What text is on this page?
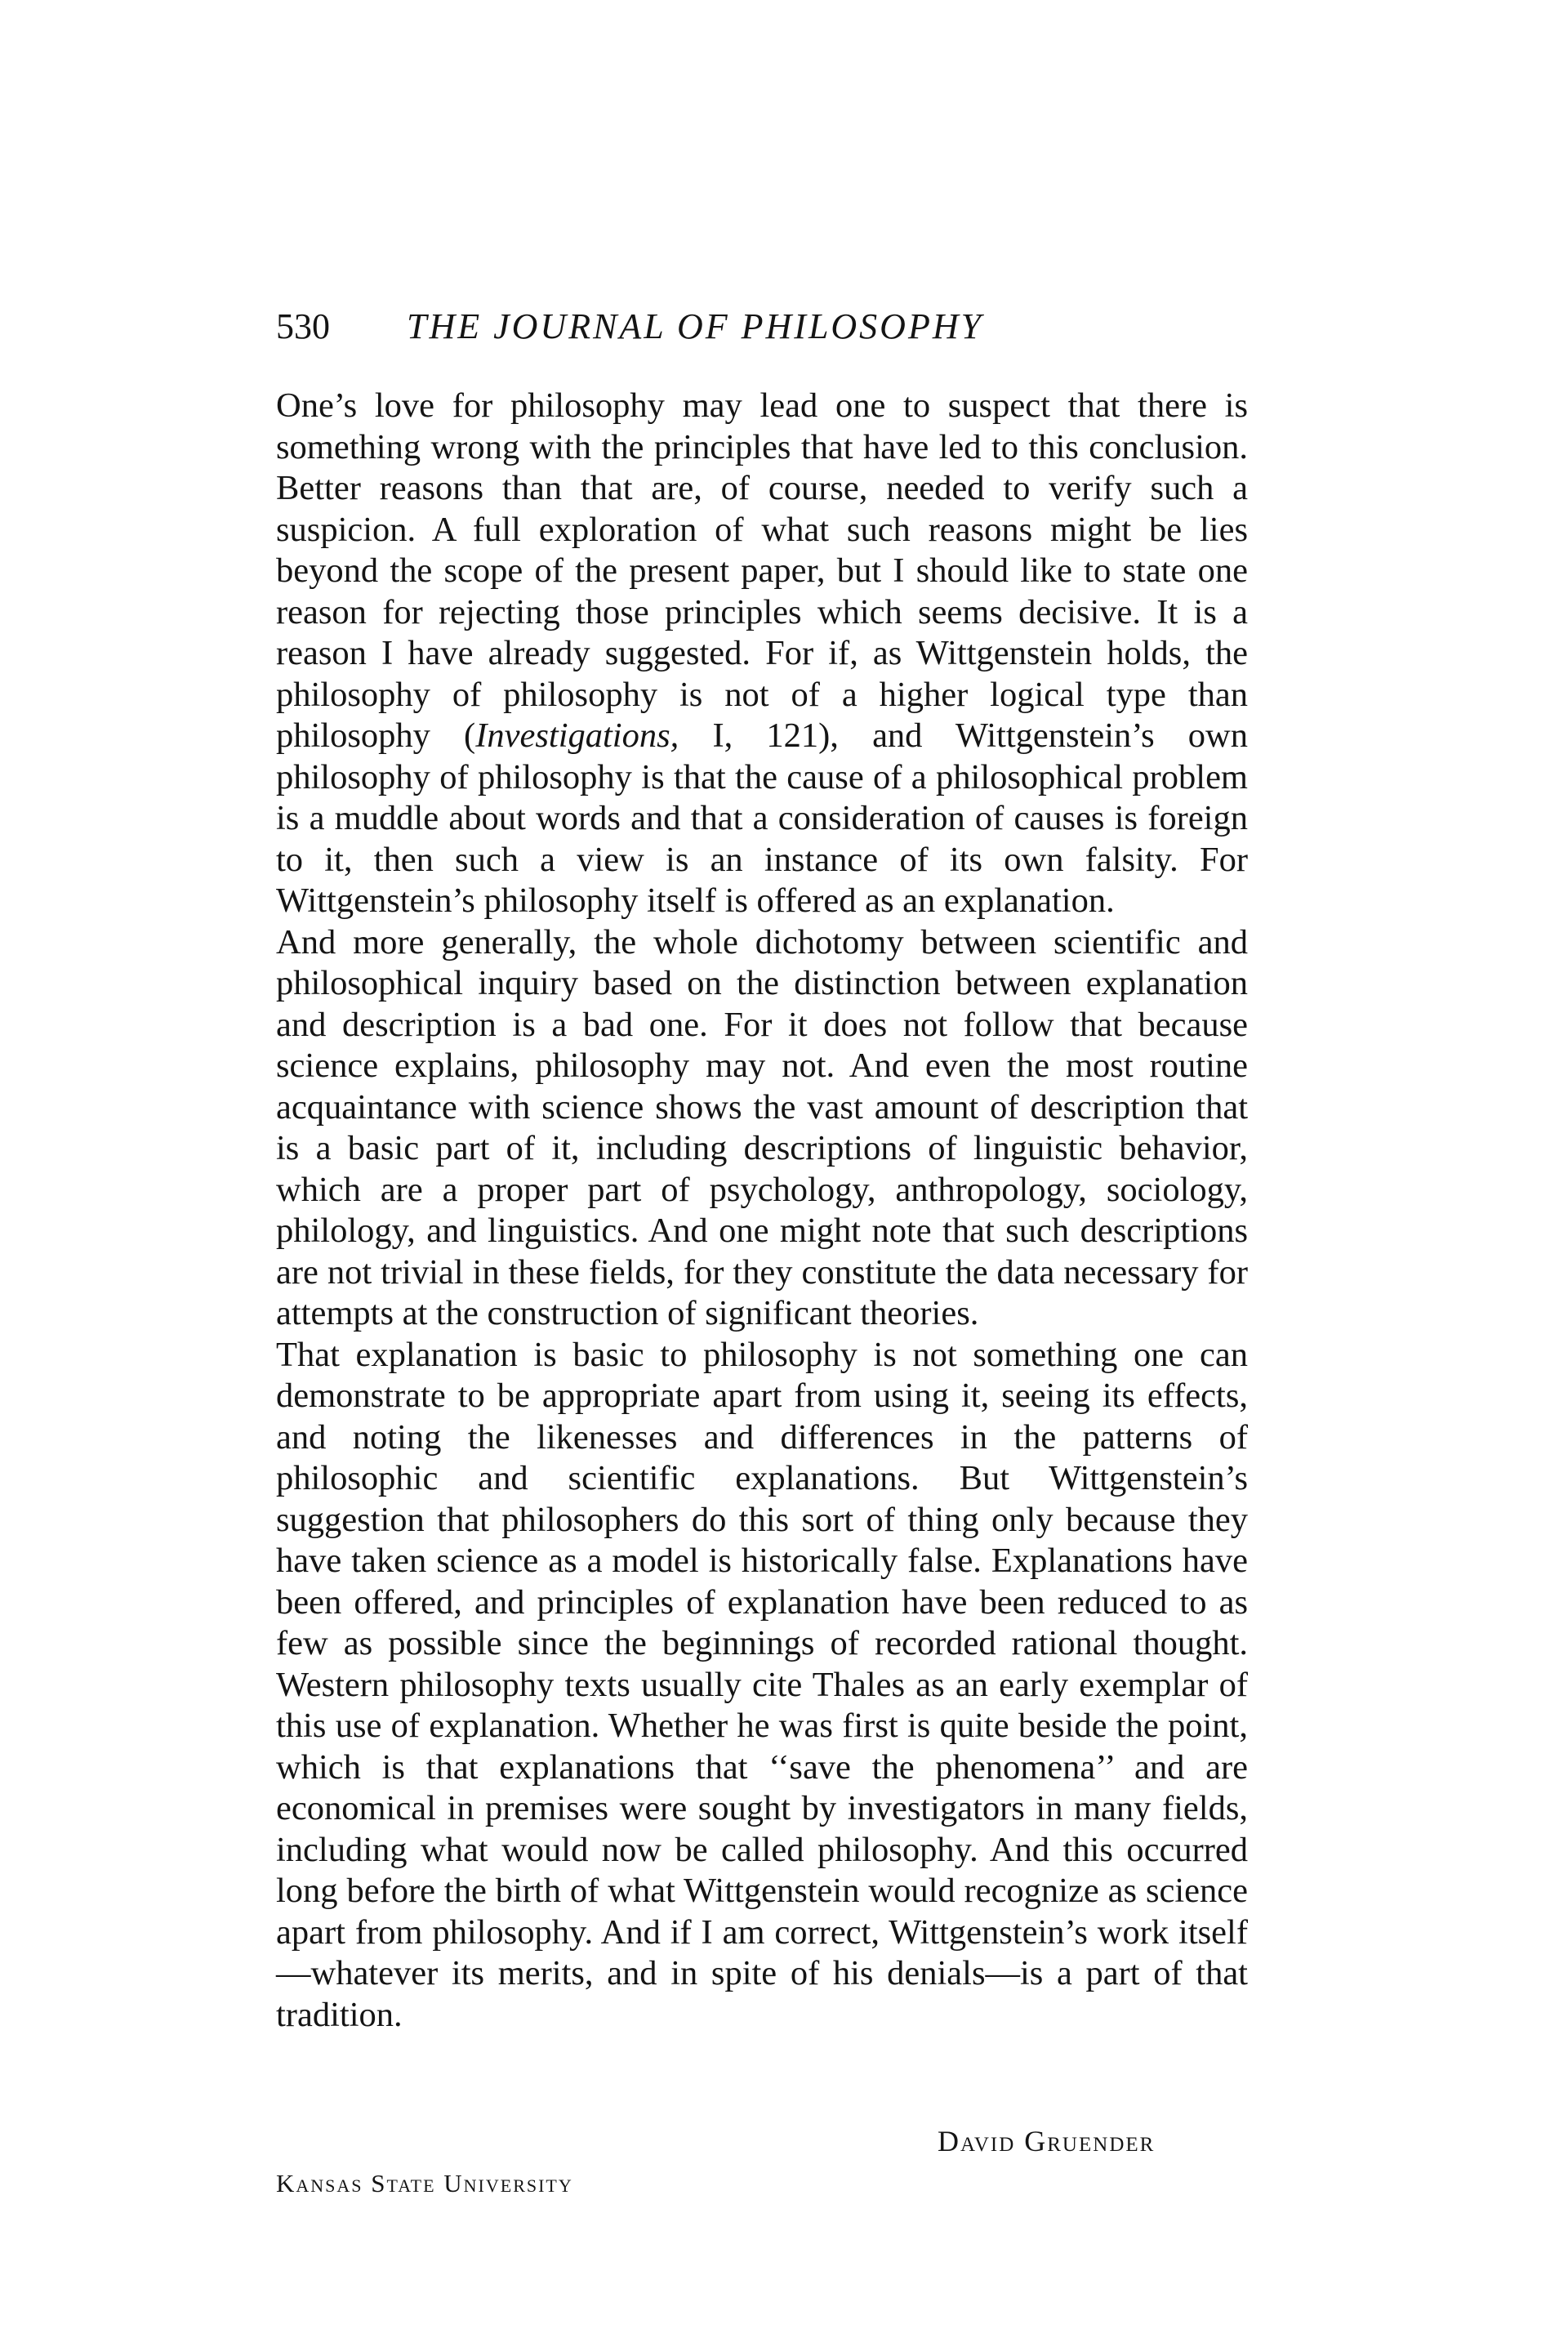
530 THE JOURNAL OF PHILOSOPHY

One’s love for philosophy may lead one to suspect that there is something wrong with the principles that have led to this conclusion. Better reasons than that are, of course, needed to verify such a suspicion. A full exploration of what such reasons might be lies beyond the scope of the present paper, but I should like to state one reason for rejecting those principles which seems decisive. It is a reason I have already suggested. For if, as Wittgenstein holds, the philosophy of philosophy is not of a higher logical type than philosophy (Investigations, I, 121), and Wittgenstein’s own philosophy of philosophy is that the cause of a philosophical problem is a muddle about words and that a consideration of causes is foreign to it, then such a view is an instance of its own falsity. For Wittgenstein’s philosophy itself is offered as an explanation.

And more generally, the whole dichotomy between scientific and philosophical inquiry based on the distinction between explanation and description is a bad one. For it does not follow that because science explains, philosophy may not. And even the most routine acquaintance with science shows the vast amount of description that is a basic part of it, including descriptions of linguistic behavior, which are a proper part of psychology, anthropology, sociology, philology, and linguistics. And one might note that such descriptions are not trivial in these fields, for they constitute the data necessary for attempts at the construction of significant theories.

That explanation is basic to philosophy is not something one can demonstrate to be appropriate apart from using it, seeing its effects, and noting the likenesses and differences in the patterns of philosophic and scientific explanations. But Wittgenstein’s suggestion that philosophers do this sort of thing only because they have taken science as a model is historically false. Explanations have been offered, and principles of explanation have been reduced to as few as possible since the beginnings of recorded rational thought. Western philosophy texts usually cite Thales as an early exemplar of this use of explanation. Whether he was first is quite beside the point, which is that explanations that ‘‘save the phenomena’’ and are economical in premises were sought by investigators in many fields, including what would now be called philosophy. And this occurred long before the birth of what Wittgenstein would recognize as science apart from philosophy. And if I am correct, Wittgenstein’s work itself—whatever its merits, and in spite of his denials—is a part of that tradition.

David Gruender
Kansas State University
